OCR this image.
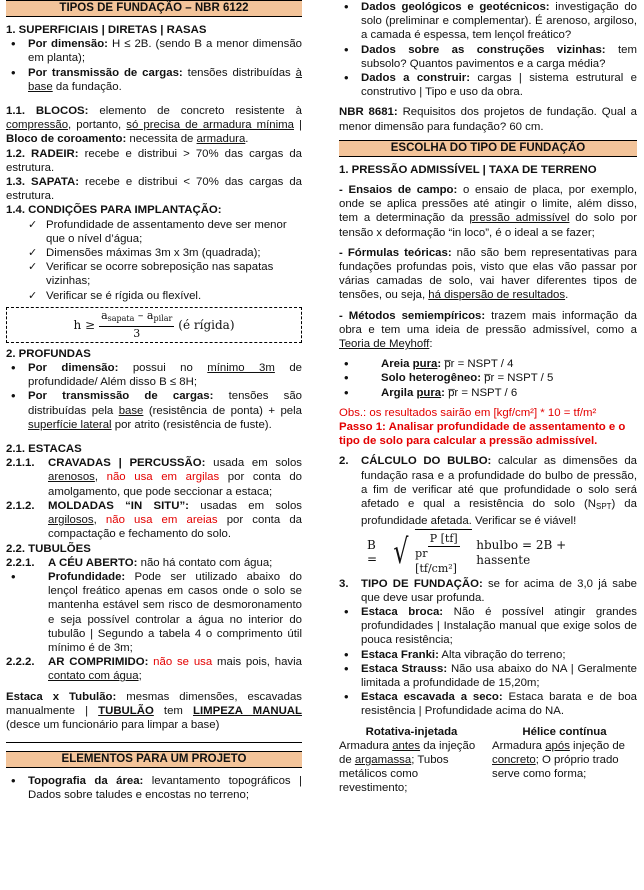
TIPOS DE FUNDAÇÃO – NBR 6122

1. SUPERFICIAIS | DIRETAS | RASAS

• Por dimensão: H ≤ 2B. (sendo B a menor dimensão em planta);

• Por transmissão de cargas: tensões distribuídas à base da fundação.

1.1. BLOCOS: elemento de concreto resistente à compressão, portanto, só precisa de armadura mínima | Bloco de coroamento: necessita de armadura.

1.2. RADEIR: recebe e distribui > 70% das cargas da estrutura.

1.3. SAPATA: recebe e distribui < 70% das cargas da estrutura.

1.4. CONDIÇÕES PARA IMPLANTAÇÃO:

✓ Profundidade de assentamento deve ser menor que o nível d’água;

✓ Dimensões máximas 3m x 3m (quadrada);

✓ Verificar se ocorre sobreposição nas sapatas vizinhas;

✓ Verificar se é rígida ou flexível.

$h \ge \frac{a_{sapata} - a_{pilar}}{3}$ (é rígida)

2. PROFUNDAS

• Por dimensão: possui no mínimo 3m de profundidade/ Além disso B ≤ 8H;

• Por transmissão de cargas: tensões são distribuídas pela base (resistência de ponta) + pela superfície lateral por atrito (resistência de fuste).

2.1. ESTACAS

2.1.1. CRAVADAS | PERCUSSÃO: usada em solos arenosos, não usa em argilas por conta do amolgamento, que pode seccionar a estaca;

2.1.2. MOLDADAS “IN SITU”: usadas em solos argilosos, não usa em areias por conta da compactação e fechamento do solo.

2.2. TUBULÕES

2.2.1. A CÉU ABERTO: não há contato com água;

• Profundidade: Pode ser utilizado abaixo do lençol freático apenas em casos onde o solo se mantenha estável sem risco de desmoronamento e seja possível controlar a água no interior do tubulão | Segundo a tabela 4 o comprimento útil mínimo é de 3m;

2.2.2. AR COMPRIMIDO: não se usa mais pois, havia contato com água;

Estaca x Tubulão: mesmas dimensões, escavadas manualmente | TUBULÃO tem LIMPEZA MANUAL (desce um funcionário para limpar a base)

ELEMENTOS PARA UM PROJETO

• Topografia da área: levantamento topográficos | Dados sobre taludes e encostas no terreno;

• Dados geológicos e geotécnicos: investigação do solo (preliminar e complementar). É arenoso, argiloso, a camada é espessa, tem lençol freático?

• Dados sobre as construções vizinhas: tem subsolo? Quantos pavimentos e a carga média?

• Dados a construir: cargas | sistema estrutural e construtivo | Tipo e uso da obra.

NBR 8681: Requisitos dos projetos de fundação. Qual a menor dimensão para fundação? 60 cm.

ESCOLHA DO TIPO DE FUNDAÇÃO

1. PRESSÃO ADMISSÍVEL | TAXA DE TERRENO

- Ensaios de campo: o ensaio de placa, por exemplo, onde se aplica pressões até atingir o limite, além disso, tem a determinação da pressão admissível do solo por tensão x deformação “in loco”, é o ideal a se fazer;

- Fórmulas teóricas: não são bem representativas para fundações profundas pois, visto que elas vão passar por várias camadas de solo, vai haver diferentes tipos de tensões, ou seja, há dispersão de resultados.

- Métodos semiempíricos: trazem mais informação da obra e tem uma ideia de pressão admissível, como a Teoria de Meyhoff:

• Areia pura: p̅r = NSPT / 4

• Solo heterogêneo: p̅r = NSPT / 5

• Argila pura: p̅r = NSPT / 6

Obs.: os resultados sairão em [kgf/cm²] * 10 = tf/m²

Passo 1: Analisar profundidade de assentamento e o tipo de solo para calcular a pressão admissível.

2. CÁLCULO DO BULBO: calcular as dimensões da fundação rasa e a profundidade do bulbo de pressão, a fim de verificar até que profundidade o solo será afetado e qual a resistência do solo (NSPT) da profundidade afetada. Verificar se é viável!

B = √ $\frac{P [tf]}{\text{pr [tf/cm²]}}$ hbulbo = 2B + hassente

3. TIPO DE FUNDAÇÃO: se for acima de 3,0 já sabe que deve usar profunda.

• Estaca broca: Não é possível atingir grandes profundidades | Instalação manual que exige solos de pouca resistência;

• Estaca Franki: Alta vibração do terreno;

• Estaca Strauss: Não usa abaixo do NA | Geralmente limitada a profundidade de 15,20m;

• Estaca escavada a seco: Estaca barata e de boa resistência | Profundidade acima do NA.

Rotativa-injetada

Armadura antes da injeção de argamassa; Tubos metálicos como revestimento;

Hélice contínua

Armadura após injeção de concreto; O próprio trado serve como forma;
